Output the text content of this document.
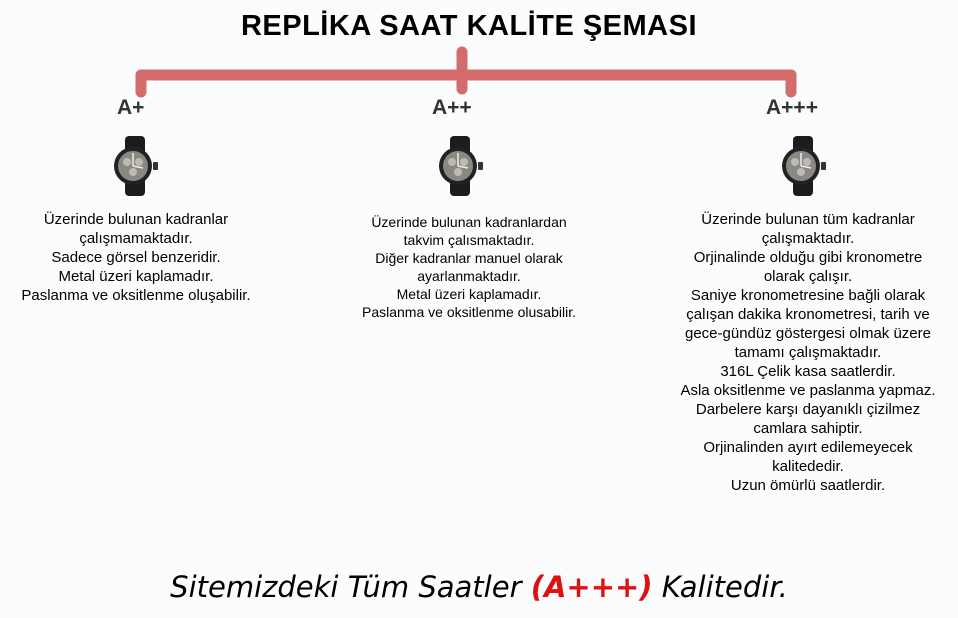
REPLİKA SAAT KALİTE ŞEMASI
A+
Üzerinde bulunan kadranlar
çalışmamaktadır.
Sadece görsel benzeridir.
Metal üzeri kaplamadır.
Paslanma ve oksitlenme oluşabilir.
A++
Üzerinde bulunan kadranlardan
takvim çalısmaktadır.
Diğer kadranlar manuel olarak
ayarlanmaktadır.
Metal üzeri kaplamadır.
Paslanma ve oksitlenme olusabilir.
A+++
Üzerinde bulunan tüm kadranlar
çalışmaktadır.
Orjinalinde olduğu gibi kronometre
olarak çalışır.
Saniye kronometresine bağli olarak
çalışan dakika kronometresi, tarih ve
gece-gündüz göstergesi olmak üzere
tamamı çalışmaktadır.
316L Çelik kasa saatlerdir.
Asla oksitlenme ve paslanma yapmaz.
Darbelere karşı dayanıklı çizilmez
camlara sahiptir.
Orjinalinden ayırt edilemeyecek
kalitededir.
Uzun ömürlü saatlerdir.
Sitemizdeki Tüm Saatler (A+++) Kalitedir.
